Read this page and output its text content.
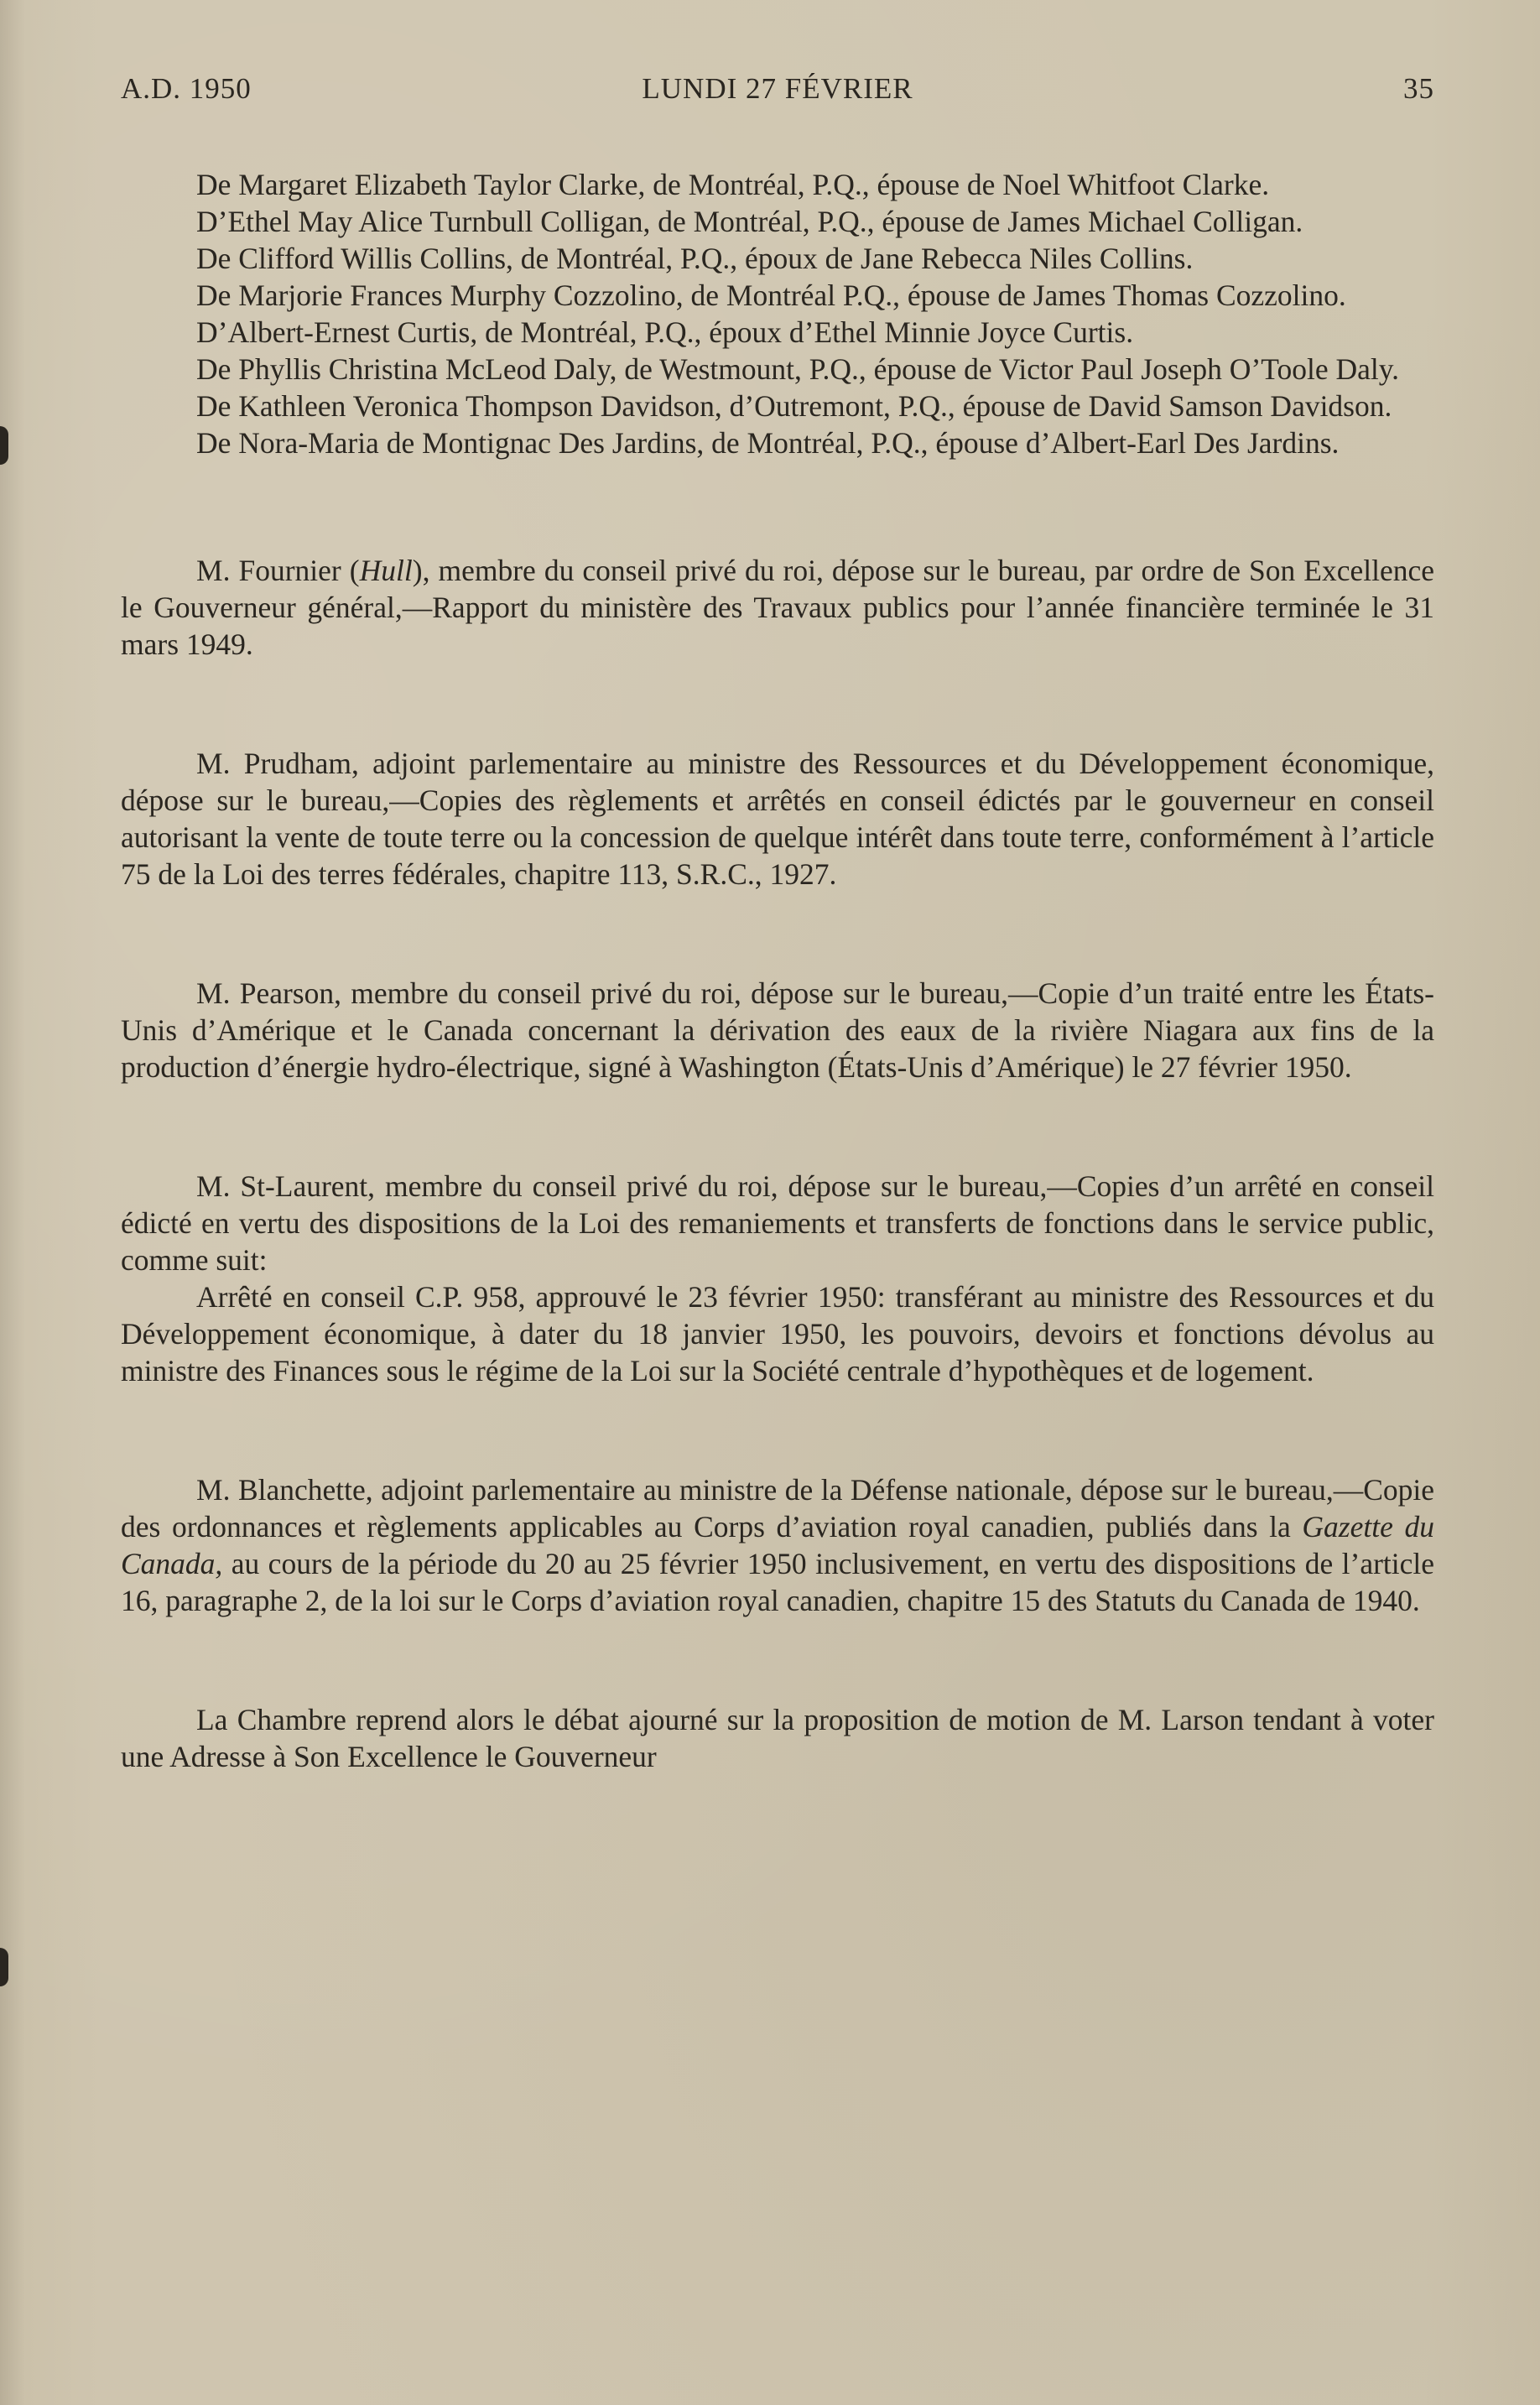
A.D. 1950	LUNDI 27 FÉVRIER	35

De Margaret Elizabeth Taylor Clarke, de Montréal, P.Q., épouse de Noel Whitfoot Clarke.

D’Ethel May Alice Turnbull Colligan, de Montréal, P.Q., épouse de James Michael Colligan.

De Clifford Willis Collins, de Montréal, P.Q., époux de Jane Rebecca Niles Collins.

De Marjorie Frances Murphy Cozzolino, de Montréal P.Q., épouse de James Thomas Cozzolino.

D’Albert-Ernest Curtis, de Montréal, P.Q., époux d’Ethel Minnie Joyce Curtis.

De Phyllis Christina McLeod Daly, de Westmount, P.Q., épouse de Victor Paul Joseph O’Toole Daly.

De Kathleen Veronica Thompson Davidson, d’Outremont, P.Q., épouse de David Samson Davidson.

De Nora-Maria de Montignac Des Jardins, de Montréal, P.Q., épouse d’Albert-Earl Des Jardins.

M. Fournier (Hull), membre du conseil privé du roi, dépose sur le bureau, par ordre de Son Excellence le Gouverneur général,—Rapport du ministère des Travaux publics pour l’année financière terminée le 31 mars 1949.

M. Prudham, adjoint parlementaire au ministre des Ressources et du Développement économique, dépose sur le bureau,—Copies des règlements et arrêtés en conseil édictés par le gouverneur en conseil autorisant la vente de toute terre ou la concession de quelque intérêt dans toute terre, conformément à l’article 75 de la Loi des terres fédérales, chapitre 113, S.R.C., 1927.

M. Pearson, membre du conseil privé du roi, dépose sur le bureau,—Copie d’un traité entre les États-Unis d’Amérique et le Canada concernant la dérivation des eaux de la rivière Niagara aux fins de la production d’énergie hydro-électrique, signé à Washington (États-Unis d’Amérique) le 27 février 1950.

M. St-Laurent, membre du conseil privé du roi, dépose sur le bureau,—Copies d’un arrêté en conseil édicté en vertu des dispositions de la Loi des remaniements et transferts de fonctions dans le service public, comme suit:

Arrêté en conseil C.P. 958, approuvé le 23 février 1950: transférant au ministre des Ressources et du Développement économique, à dater du 18 janvier 1950, les pouvoirs, devoirs et fonctions dévolus au ministre des Finances sous le régime de la Loi sur la Société centrale d’hypothèques et de logement.

M. Blanchette, adjoint parlementaire au ministre de la Défense nationale, dépose sur le bureau,—Copie des ordonnances et règlements applicables au Corps d’aviation royal canadien, publiés dans la Gazette du Canada, au cours de la période du 20 au 25 février 1950 inclusivement, en vertu des dispositions de l’article 16, paragraphe 2, de la loi sur le Corps d’aviation royal canadien, chapitre 15 des Statuts du Canada de 1940.

La Chambre reprend alors le débat ajourné sur la proposition de motion de M. Larson tendant à voter une Adresse à Son Excellence le Gouverneur
